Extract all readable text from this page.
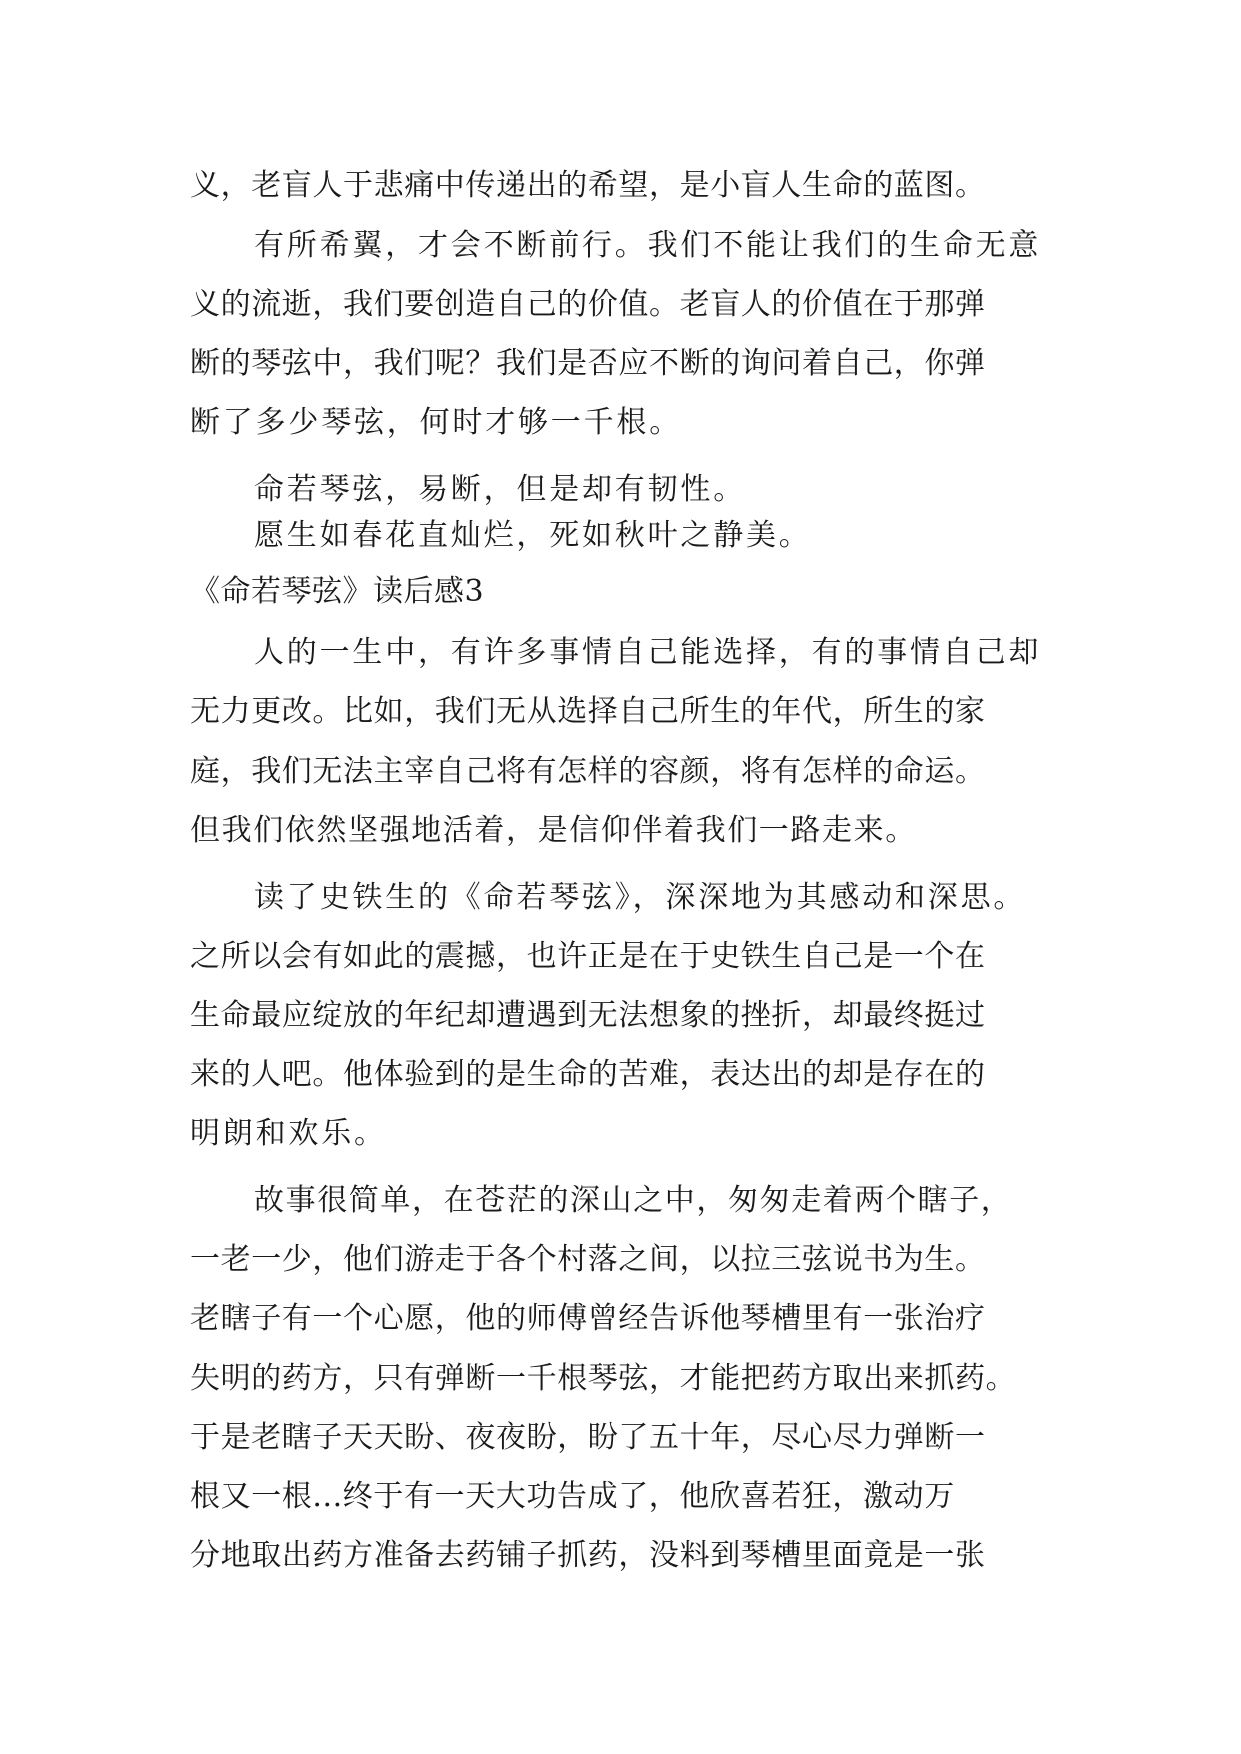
义，老盲人于悲痛中传递出的希望，是小盲人生命的蓝图。

有所希翼，才会不断前行。我们不能让我们的生命无意

义的流逝，我们要创造自己的价值。老盲人的价值在于那弹

断的琴弦中，我们呢？我们是否应不断的询问着自己，你弹

断了多少琴弦，何时才够一千根。

命若琴弦，易断，但是却有韧性。

愿生如春花直灿烂，死如秋叶之静美。

《命若琴弦》读后感3

人的一生中，有许多事情自己能选择，有的事情自己却

无力更改。比如，我们无从选择自己所生的年代，所生的家

庭，我们无法主宰自己将有怎样的容颜，将有怎样的命运。

但我们依然坚强地活着，是信仰伴着我们一路走来。

读了史铁生的《命若琴弦》，深深地为其感动和深思。

之所以会有如此的震撼，也许正是在于史铁生自己是一个在

生命最应绽放的年纪却遭遇到无法想象的挫折，却最终挺过

来的人吧。他体验到的是生命的苦难，表达出的却是存在的

明朗和欢乐。

故事很简单，在苍茫的深山之中，匆匆走着两个瞎子，

一老一少，他们游走于各个村落之间，以拉三弦说书为生。

老瞎子有一个心愿，他的师傅曾经告诉他琴槽里有一张治疗

失明的药方，只有弹断一千根琴弦，才能把药方取出来抓药。

于是老瞎子天天盼、夜夜盼，盼了五十年，尽心尽力弹断一

根又一根...终于有一天大功告成了，他欣喜若狂，激动万

分地取出药方准备去药铺子抓药，没料到琴槽里面竟是一张
